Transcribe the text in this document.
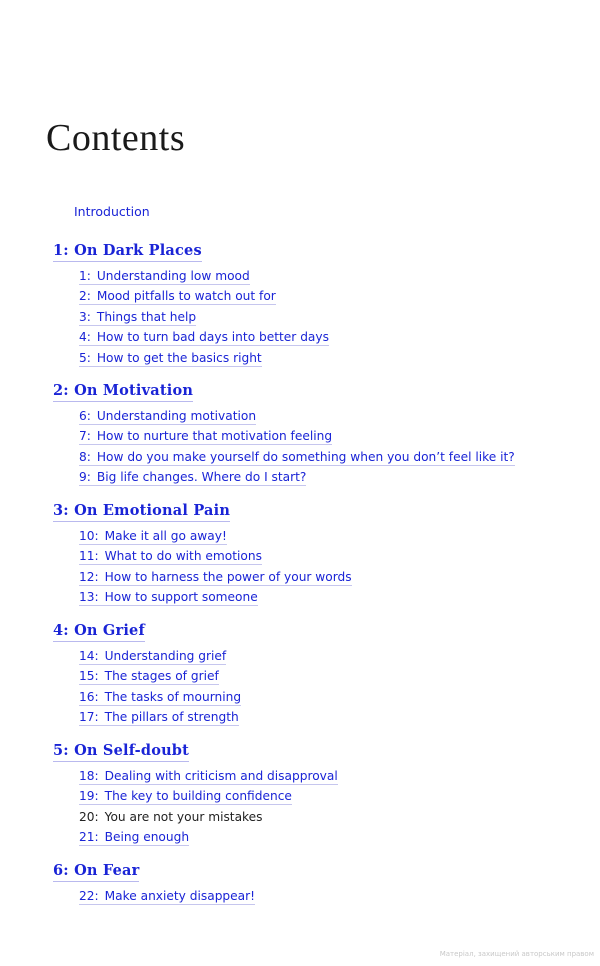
Contents
Introduction
1: On Dark Places
1: Understanding low mood
2: Mood pitfalls to watch out for
3: Things that help
4: How to turn bad days into better days
5: How to get the basics right
2: On Motivation
6: Understanding motivation
7: How to nurture that motivation feeling
8: How do you make yourself do something when you don’t feel like it?
9: Big life changes. Where do I start?
3: On Emotional Pain
10: Make it all go away!
11: What to do with emotions
12: How to harness the power of your words
13: How to support someone
4: On Grief
14: Understanding grief
15: The stages of grief
16: The tasks of mourning
17: The pillars of strength
5: On Self-doubt
18: Dealing with criticism and disapproval
19: The key to building confidence
20: You are not your mistakes
21: Being enough
6: On Fear
22: Make anxiety disappear!
Матеріал, захищений авторським правом
